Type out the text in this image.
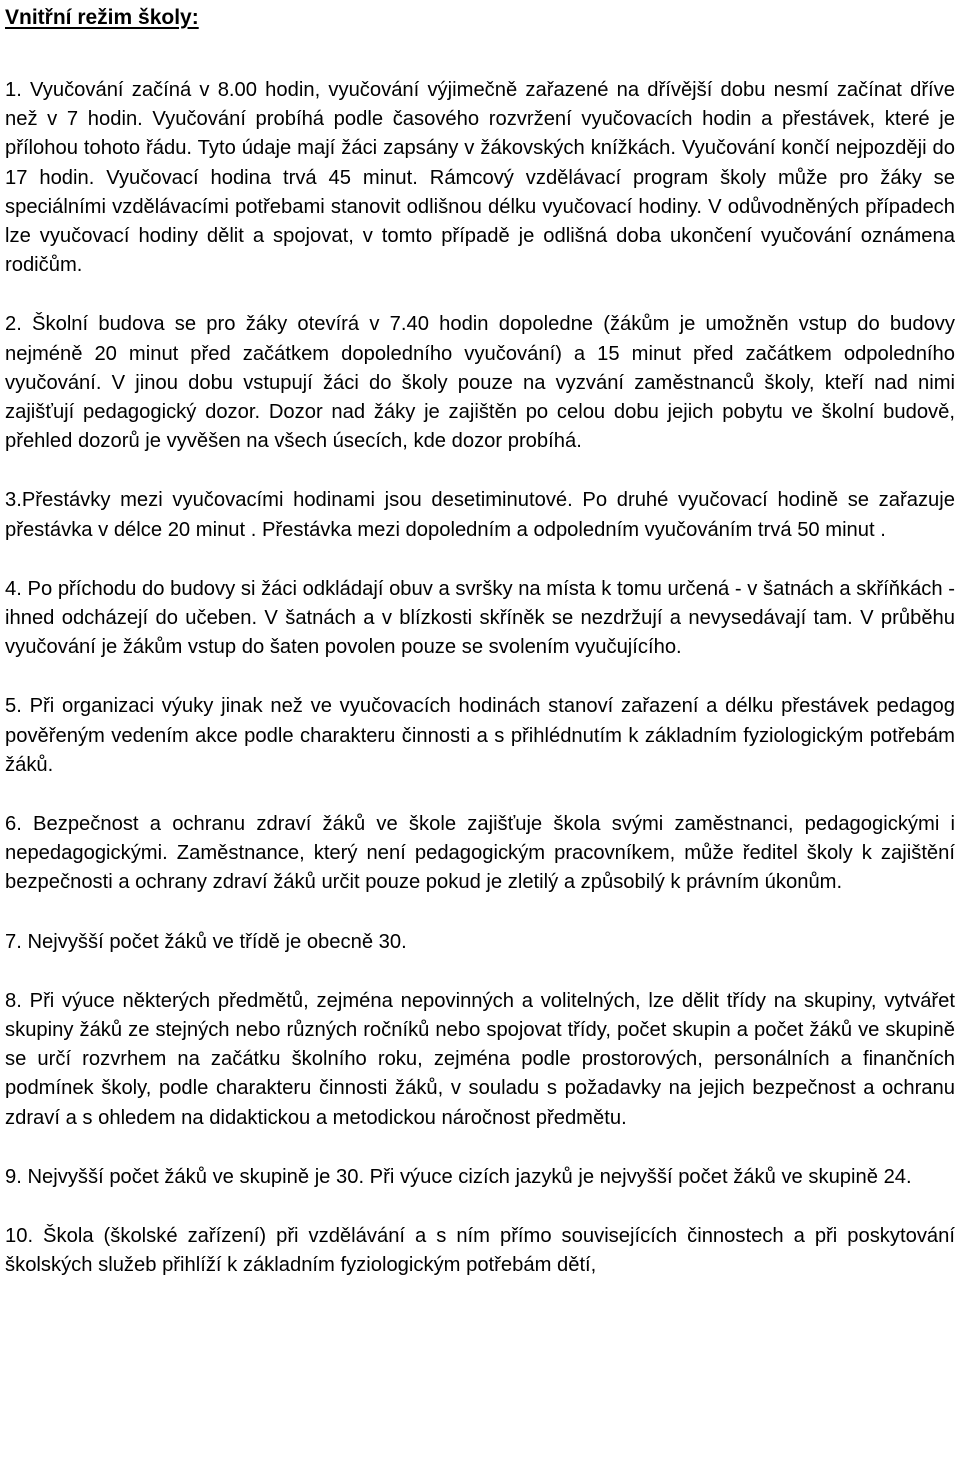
Vnitřní režim školy:

1. Vyučování začíná v 8.00 hodin, vyučování výjimečně zařazené na dřívější dobu nesmí začínat dříve než v 7 hodin. Vyučování probíhá podle časového rozvržení vyučovacích hodin a přestávek, které je přílohou tohoto řádu. Tyto údaje mají žáci zapsány v žákovských knížkách. Vyučování končí nejpozději do 17 hodin. Vyučovací hodina trvá 45 minut. Rámcový vzdělávací program školy může pro žáky se speciálními vzdělávacími potřebami stanovit odlišnou délku vyučovací hodiny. V odůvodněných případech lze vyučovací hodiny dělit a spojovat, v tomto případě je odlišná doba ukončení vyučování oznámena rodičům.

2. Školní budova se pro žáky otevírá v 7.40 hodin dopoledne (žákům je umožněn vstup do budovy nejméně 20 minut před začátkem dopoledního vyučování) a 15 minut před začátkem odpoledního vyučování. V jinou dobu vstupují žáci do školy pouze na vyzvání zaměstnanců školy, kteří nad nimi zajišťují pedagogický dozor. Dozor nad žáky je zajištěn po celou dobu jejich pobytu ve školní budově, přehled dozorů je vyvěšen na všech úsecích, kde dozor probíhá.

3.Přestávky mezi vyučovacími hodinami jsou desetiminutové. Po druhé vyučovací hodině se zařazuje přestávka v délce 20 minut . Přestávka mezi dopoledním a odpoledním vyučováním trvá 50 minut .

4. Po příchodu do budovy si žáci odkládají obuv a svršky na místa k tomu určená - v šatnách a skříňkách - ihned odcházejí do učeben. V šatnách a v blízkosti skříněk se nezdržují a nevysedávají tam. V průběhu vyučování je žákům vstup do šaten povolen pouze se svolením vyučujícího.

5. Při organizaci výuky jinak než ve vyučovacích hodinách stanoví zařazení a délku přestávek pedagog pověřeným vedením akce podle charakteru činnosti a s přihlédnutím k základním fyziologickým potřebám žáků.

6. Bezpečnost a ochranu zdraví žáků ve škole zajišťuje škola svými zaměstnanci, pedagogickými i nepedagogickými. Zaměstnance, který není pedagogickým pracovníkem, může ředitel školy k zajištění bezpečnosti a ochrany zdraví žáků určit pouze pokud je zletilý a způsobilý k právním úkonům.

7. Nejvyšší počet žáků ve třídě je obecně 30.

8. Při výuce některých předmětů, zejména nepovinných a volitelných, lze dělit třídy na skupiny, vytvářet skupiny žáků ze stejných nebo různých ročníků nebo spojovat třídy, počet skupin a počet žáků ve skupině se určí rozvrhem na začátku školního roku, zejména podle prostorových, personálních a finančních podmínek školy, podle charakteru činnosti žáků, v souladu s požadavky na jejich bezpečnost a ochranu zdraví a s ohledem na didaktickou a metodickou náročnost předmětu.

9. Nejvyšší počet žáků ve skupině je 30. Při výuce cizích jazyků je nejvyšší počet žáků ve skupině 24.

10. Škola (školské zařízení) při vzdělávání a s ním přímo souvisejících činnostech a při poskytování školských služeb přihlíží k základním fyziologickým potřebám dětí,
